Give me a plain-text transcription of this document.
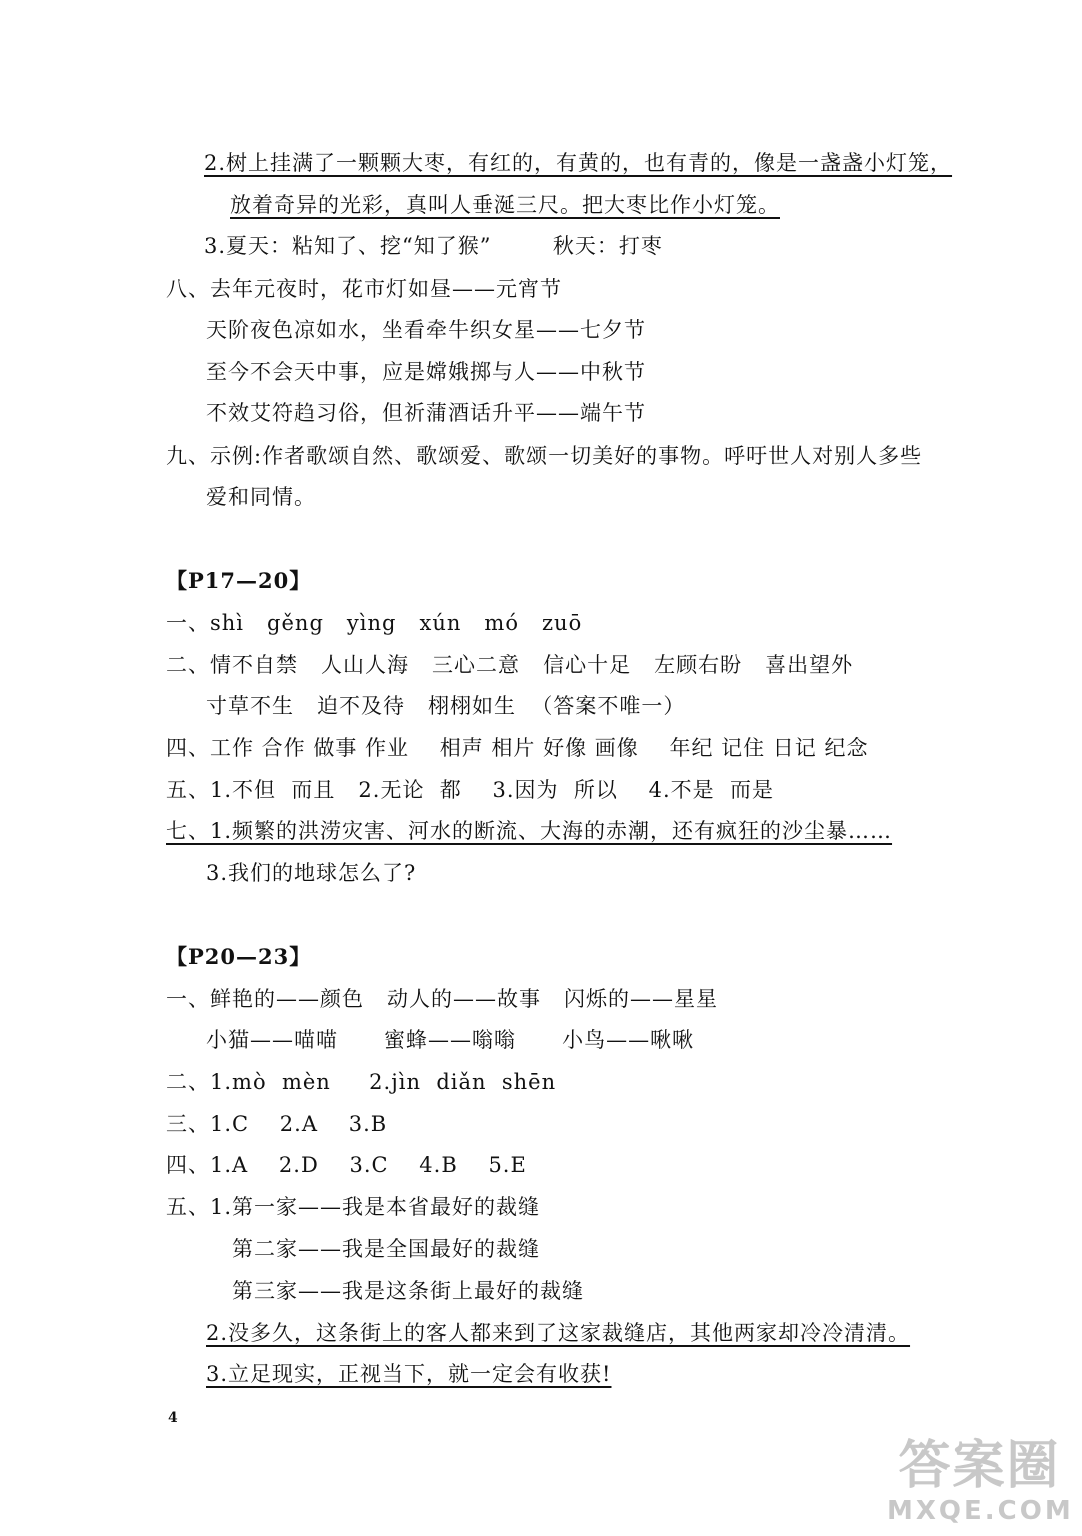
2.树上挂满了一颗颗大枣，有红的，有黄的，也有青的，像是一盏盏小灯笼，
放着奇异的光彩，真叫人垂涎三尺。把大枣比作小灯笼。
3.夏天：粘知了、挖“知了猴”        秋天：打枣
八、去年元夜时，花市灯如昼——元宵节
天阶夜色凉如水，坐看牵牛织女星——七夕节
至今不会天中事，应是嫦娥掷与人——中秋节
不效艾符趋习俗，但祈蒲酒话升平——端午节
九、示例:作者歌颂自然、歌颂爱、歌颂一切美好的事物。呼吁世人对别人多些
爱和同情。
【P17—20】
一、shì   gěng   yìng   xún   mó   zuō
二、情不自禁   人山人海   三心二意   信心十足   左顾右盼   喜出望外
寸草不生   迫不及待   栩栩如生  （答案不唯一）
四、工作 合作 做事 作业    相声 相片 好像 画像    年纪 记住 日记 纪念
五、1.不但  而且   2.无论  都    3.因为  所以    4.不是  而是
七、1.频繁的洪涝灾害、河水的断流、大海的赤潮，还有疯狂的沙尘暴……
3.我们的地球怎么了?
【P20—23】
一、鲜艳的——颜色   动人的——故事   闪烁的——星星
小猫——喵喵      蜜蜂——嗡嗡      小鸟——啾啾
二、1.mò  mèn     2.jìn  diǎn  shēn
三、1.C    2.A    3.B
四、1.A    2.D    3.C    4.B    5.E
五、1.第一家——我是本省最好的裁缝
第二家——我是全国最好的裁缝
第三家——我是这条街上最好的裁缝
2.没多久，这条街上的客人都来到了这家裁缝店，其他两家却冷冷清清。
3.立足现实，正视当下，就一定会有收获!
4
答案圈
MXQE.COM
